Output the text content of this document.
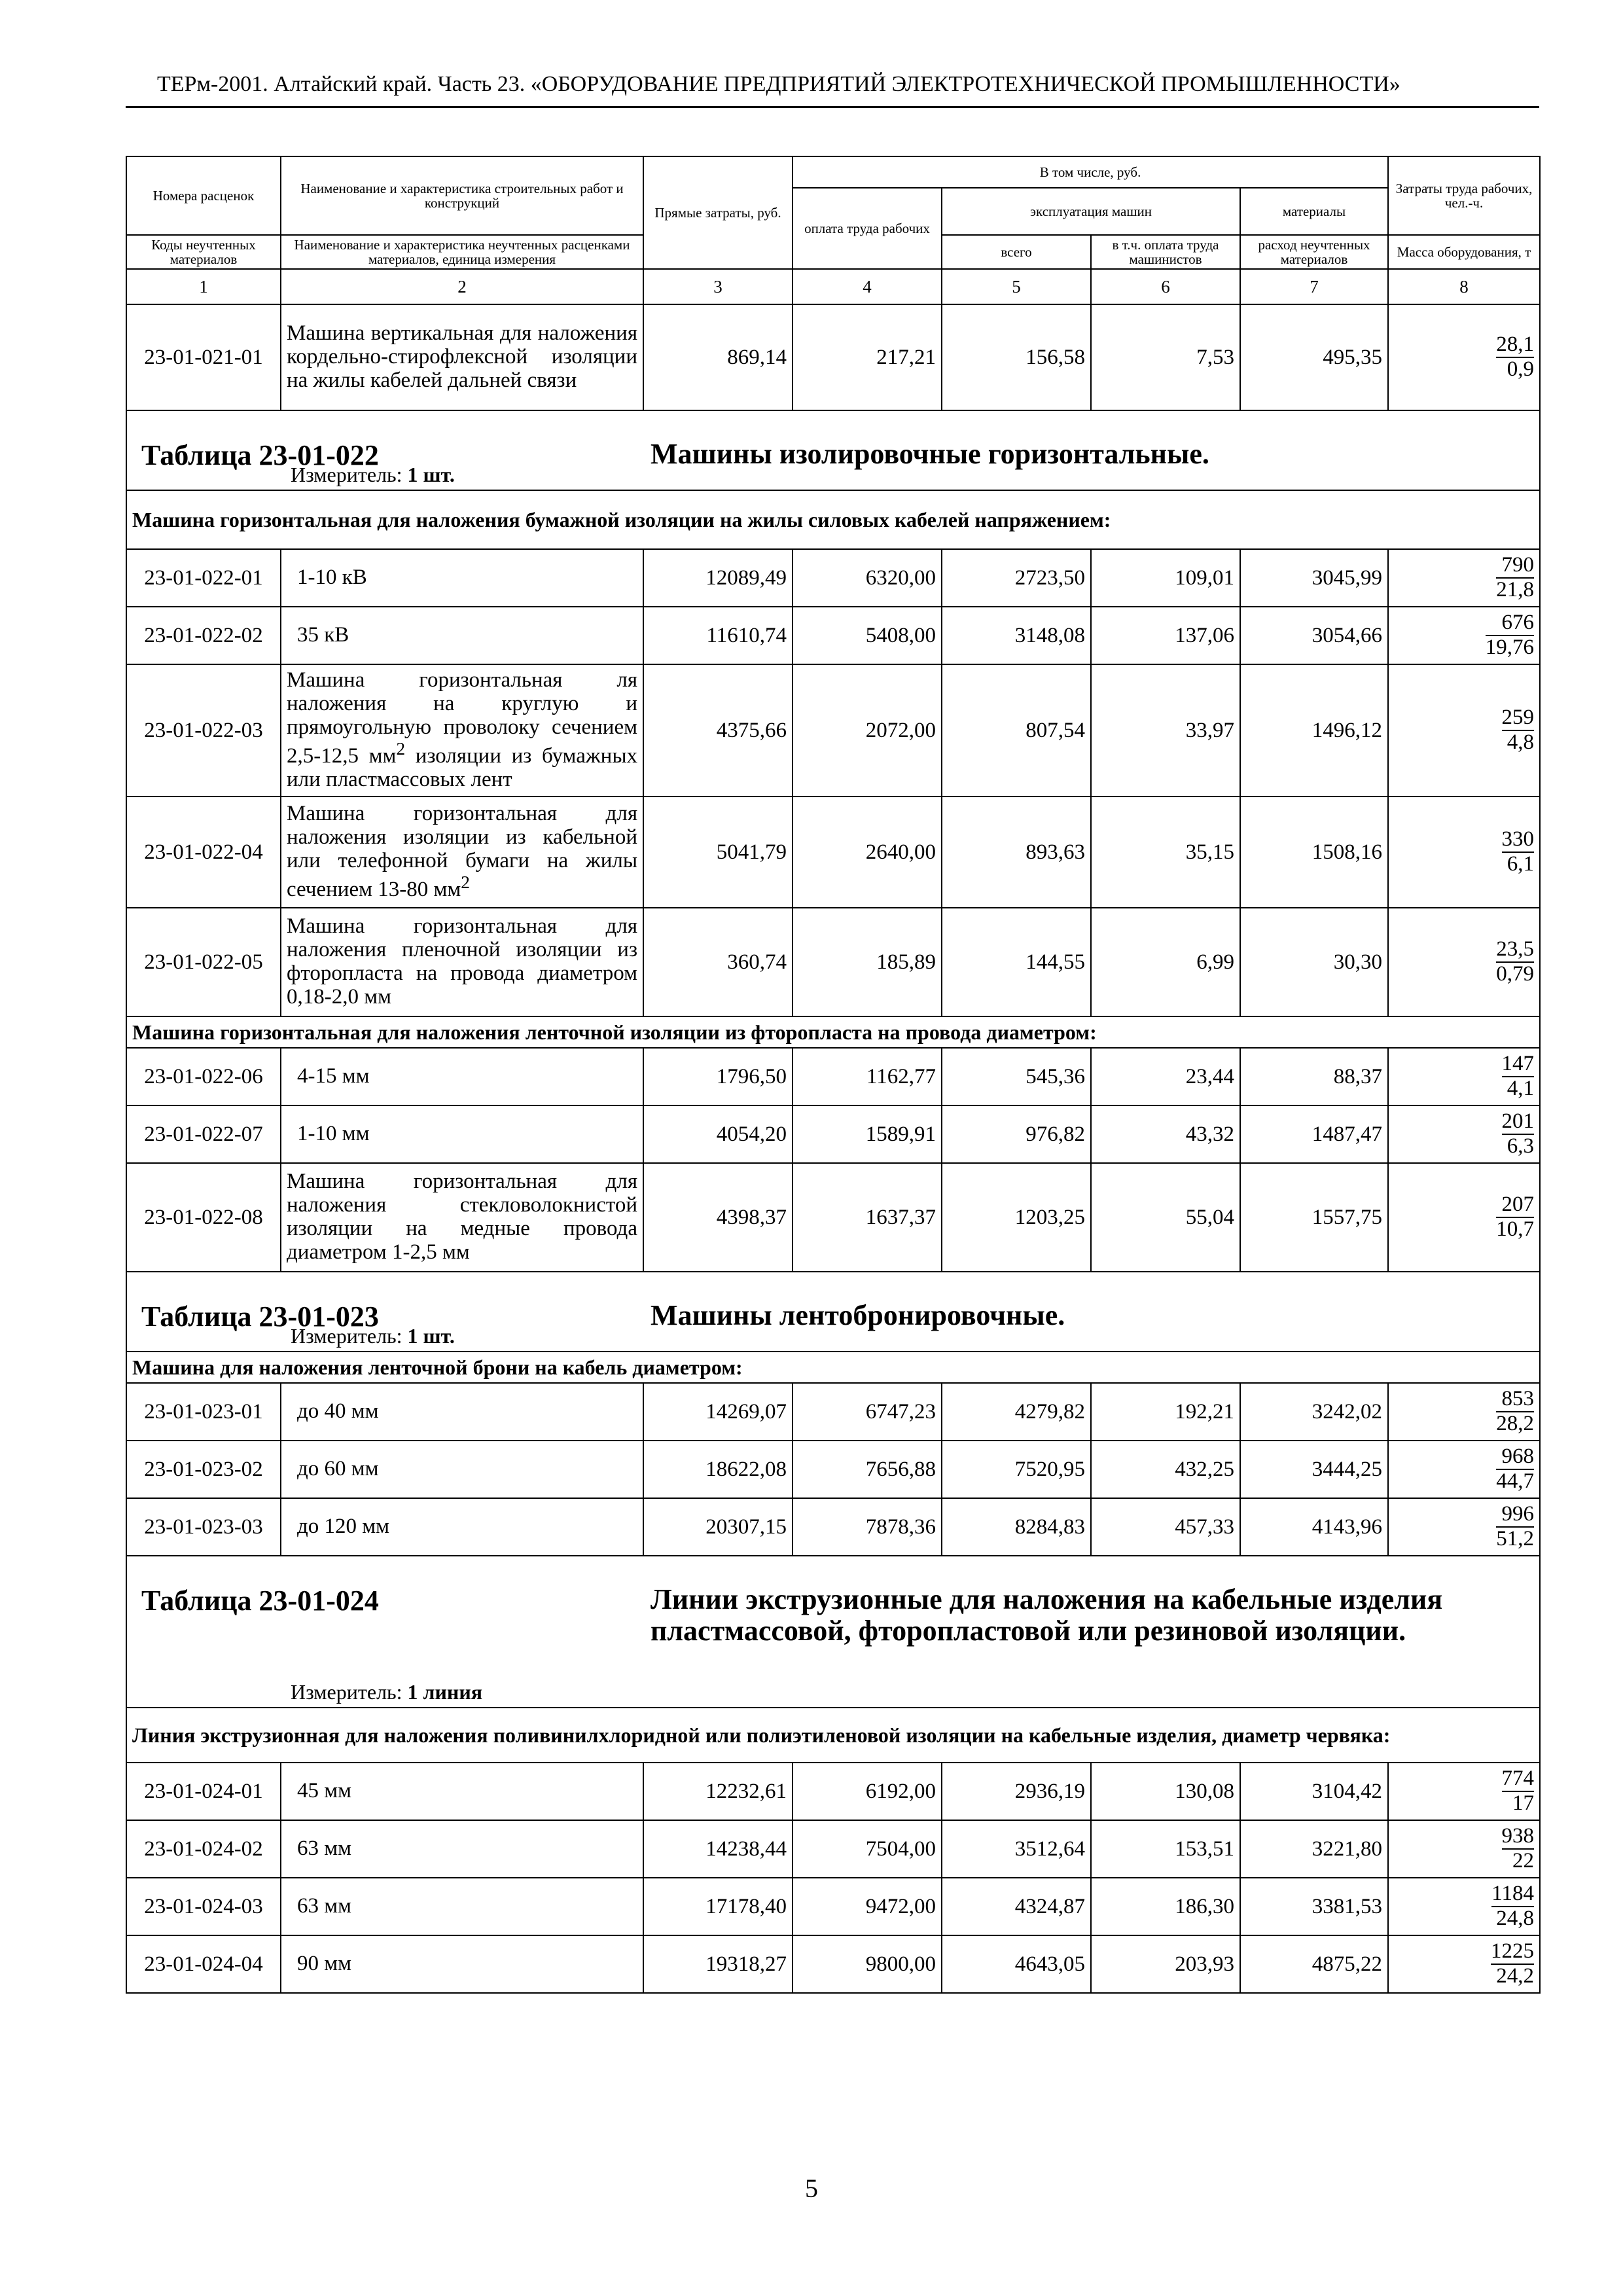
ТЕРм-2001. Алтайский край. Часть 23. «ОБОРУДОВАНИЕ ПРЕДПРИЯТИЙ ЭЛЕКТРОТЕХНИЧЕСКОЙ ПРОМЫШЛЕННОСТИ»
Номера расценок	Наименование и характеристика строительных работ и конструкций	Прямые затраты, руб.	В том числе, руб.				Затраты труда рабочих, чел.-ч.
			оплата труда рабочих	эксплуатация машин		материалы	
Коды неучтенных материалов	Наименование и характеристика неучтенных расценками материалов, единица измерения			всего	в т.ч. оплата труда машинистов	расход неучтенных материалов	
							Масса оборудования, т
1	2	3	4	5	6	7	8
23-01-021-01	Машина вертикальная для наложения кордельно-стирофлексной изоляции на жилы кабелей дальней связи	869,14	217,21	156,58	7,53	495,35	$\frac{28,1}{0,9}$

Таблица 23-01-022 Машины изолировочные горизонтальные.
Измеритель: 1 шт.							

Машина горизонтальная для наложения бумажной изоляции на жилы силовых кабелей напряжением:							
23-01-022-01	1-10 кВ	12089,49	6320,00	2723,50	109,01	3045,99	$\frac{790}{21,8}$

23-01-022-02	35 кВ	11610,74	5408,00	3148,08	137,06	3054,66	$\frac{676}{19,76}$

23-01-022-03	Машина горизонтальная ля наложения на круглую и прямоугольную проволоку сечением 2,5-12,5 $мм^2$ изоляции из бумажных или пластмассовых лент	4375,66	2072,00	807,54	33,97	1496,12	$\frac{259}{4,8}$

23-01-022-04	Машина горизонтальная для наложения изоляции из кабельной или телефонной бумаги на жилы сечением 13-80 $мм^2$	5041,79	2640,00	893,63	35,15	1508,16	$\frac{330}{6,1}$

23-01-022-05	Машина горизонтальная для наложения пленочной изоляции из фторопласта на провода диаметром 0,18-2,0 мм	360,74	185,89	144,55	6,99	30,30	$\frac{23,5}{0,79}$

Машина горизонтальная для наложения ленточной изоляции из фторопласта на провода диаметром:							
23-01-022-06	4-15 мм	1796,50	1162,77	545,36	23,44	88,37	$\frac{147}{4,1}$

23-01-022-07	1-10 мм	4054,20	1589,91	976,82	43,32	1487,47	$\frac{201}{6,3}$

23-01-022-08	Машина горизонтальная для наложения стекловолокнистой изоляции на медные провода диаметром 1-2,5 мм	4398,37	1637,37	1203,25	55,04	1557,75	$\frac{207}{10,7}$

Таблица 23-01-023 Машины лентобронировочные.
Измеритель: 1 шт.							

Машина для наложения ленточной брони на кабель диаметром:							
23-01-023-01	до 40 мм	14269,07	6747,23	4279,82	192,21	3242,02	$\frac{853}{28,2}$

23-01-023-02	до 60 мм	18622,08	7656,88	7520,95	432,25	3444,25	$\frac{968}{44,7}$

23-01-023-03	до 120 мм	20307,15	7878,36	8284,83	457,33	4143,96	$\frac{996}{51,2}$

Таблица 23-01-024 Линии экструзионные для наложения на кабельные изделия пластмассовой, фторопластовой или резиновой изоляции.
Измеритель: 1 линия							

Линия экструзионная для наложения поливинилхлоридной или полиэтиленовой изоляции на кабельные изделия, диаметр червяка:							
23-01-024-01	45 мм	12232,61	6192,00	2936,19	130,08	3104,42	$\frac{774}{17}$

23-01-024-02	63 мм	14238,44	7504,00	3512,64	153,51	3221,80	$\frac{938}{22}$

23-01-024-03	63 мм	17178,40	9472,00	4324,87	186,30	3381,53	$\frac{1184}{24,8}$

23-01-024-04	90 мм	19318,27	9800,00	4643,05	203,93	4875,22	$\frac{1225}{24,2}$
5
